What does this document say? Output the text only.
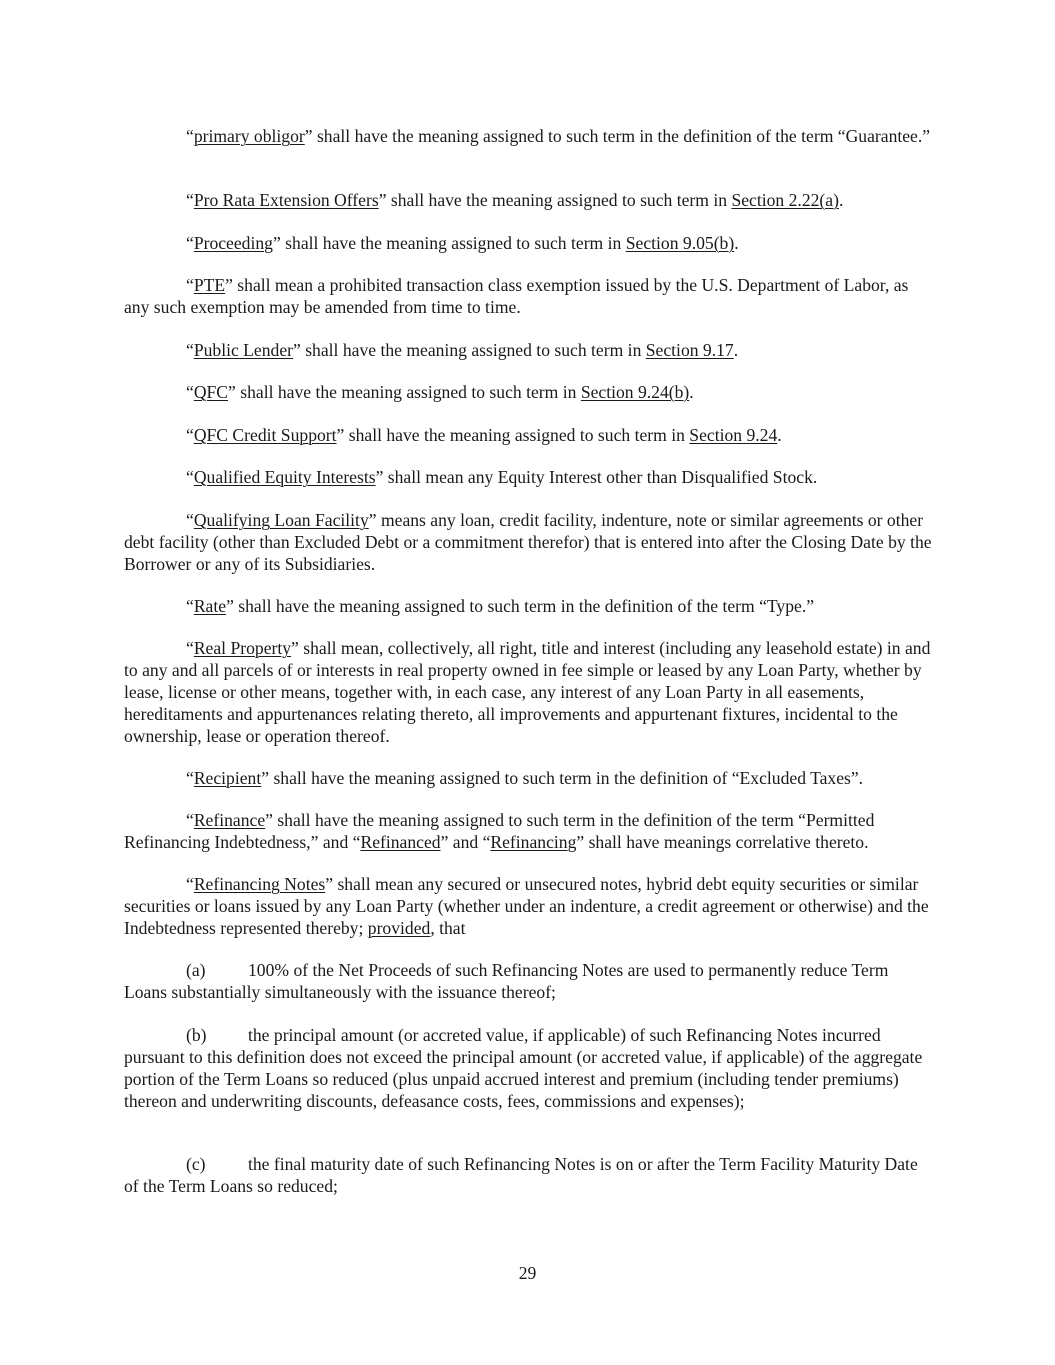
“primary obligor” shall have the meaning assigned to such term in the definition of the term “Guarantee.”

“Pro Rata Extension Offers” shall have the meaning assigned to such term in Section 2.22(a).

“Proceeding” shall have the meaning assigned to such term in Section 9.05(b).

“PTE” shall mean a prohibited transaction class exemption issued by the U.S. Department of Labor, as any such exemption may be amended from time to time.

“Public Lender” shall have the meaning assigned to such term in Section 9.17.

“QFC” shall have the meaning assigned to such term in Section 9.24(b).

“QFC Credit Support” shall have the meaning assigned to such term in Section 9.24.

“Qualified Equity Interests” shall mean any Equity Interest other than Disqualified Stock.

“Qualifying Loan Facility” means any loan, credit facility, indenture, note or similar agreements or other debt facility (other than Excluded Debt or a commitment therefor) that is entered into after the Closing Date by the Borrower or any of its Subsidiaries.

“Rate” shall have the meaning assigned to such term in the definition of the term “Type.”

“Real Property” shall mean, collectively, all right, title and interest (including any leasehold estate) in and to any and all parcels of or interests in real property owned in fee simple or leased by any Loan Party, whether by lease, license or other means, together with, in each case, any interest of any Loan Party in all easements, hereditaments and appurtenances relating thereto, all improvements and appurtenant fixtures, incidental to the ownership, lease or operation thereof.

“Recipient” shall have the meaning assigned to such term in the definition of “Excluded Taxes”.

“Refinance” shall have the meaning assigned to such term in the definition of the term “Permitted Refinancing Indebtedness,” and “Refinanced” and “Refinancing” shall have meanings correlative thereto.

“Refinancing Notes” shall mean any secured or unsecured notes, hybrid debt equity securities or similar securities or loans issued by any Loan Party (whether under an indenture, a credit agreement or otherwise) and the Indebtedness represented thereby; provided, that

(a) 100% of the Net Proceeds of such Refinancing Notes are used to permanently reduce Term Loans substantially simultaneously with the issuance thereof;

(b) the principal amount (or accreted value, if applicable) of such Refinancing Notes incurred pursuant to this definition does not exceed the principal amount (or accreted value, if applicable) of the aggregate portion of the Term Loans so reduced (plus unpaid accrued interest and premium (including tender premiums) thereon and underwriting discounts, defeasance costs, fees, commissions and expenses);

(c) the final maturity date of such Refinancing Notes is on or after the Term Facility Maturity Date of the Term Loans so reduced;

29
